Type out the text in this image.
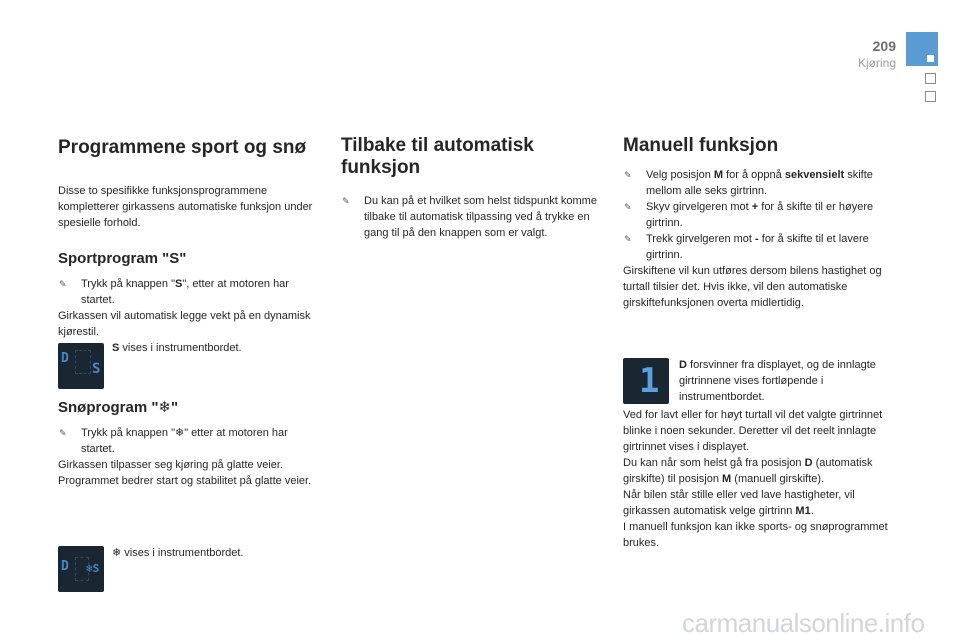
209
Kjøring
Programmene sport og snø

Disse to spesifikke funksjonsprogrammene kompletterer girkassens automatiske funksjon under spesielle forhold.

Sportprogram "S"
✎ Trykk på knappen "S", etter at motoren har startet.

Girkassen vil automatisk legge vekt på en dynamisk kjørestil.

D
S
S vises i instrumentbordet.
Snøprogram "❄"
✎ Trykk på knappen "❄" etter at motoren har startet.

Girkassen tilpasser seg kjøring på glatte veier. Programmet bedrer start og stabilitet på glatte veier.

D ❄S
❄ vises i instrumentbordet.
Tilbake til automatisk funksjon
✎ Du kan på et hvilket som helst tidspunkt komme tilbake til automatisk tilpassing ved å trykke en gang til på den knappen som er valgt.
Manuell funksjon
✎ Velg posisjon M for å oppnå sekvensielt skifte mellom alle seks girtrinn.
✎ Skyv girvelgeren mot + for å skifte til er høyere girtrinn.
✎ Trekk girvelgeren mot - for å skifte til et lavere girtrinn.

Girskiftene vil kun utføres dersom bilens hastighet og turtall tilsier det. Hvis ikke, vil den automatiske girskiftefunksjonen overta midlertidig.

1 D forsvinner fra displayet, og de innlagte girtrinnene vises fortløpende i instrumentbordet.

Ved for lavt eller for høyt turtall vil det valgte girtrinnet blinke i noen sekunder. Deretter vil det reelt innlagte girtrinnet vises i displayet.

Du kan når som helst gå fra posisjon D (automatisk girskifte) til posisjon M (manuell girskifte).

Når bilen står stille eller ved lave hastigheter, vil girkassen automatisk velge girtrinn M1.

I manuell funksjon kan ikke sports- og snøprogrammet brukes.

carmanualsonline.info
